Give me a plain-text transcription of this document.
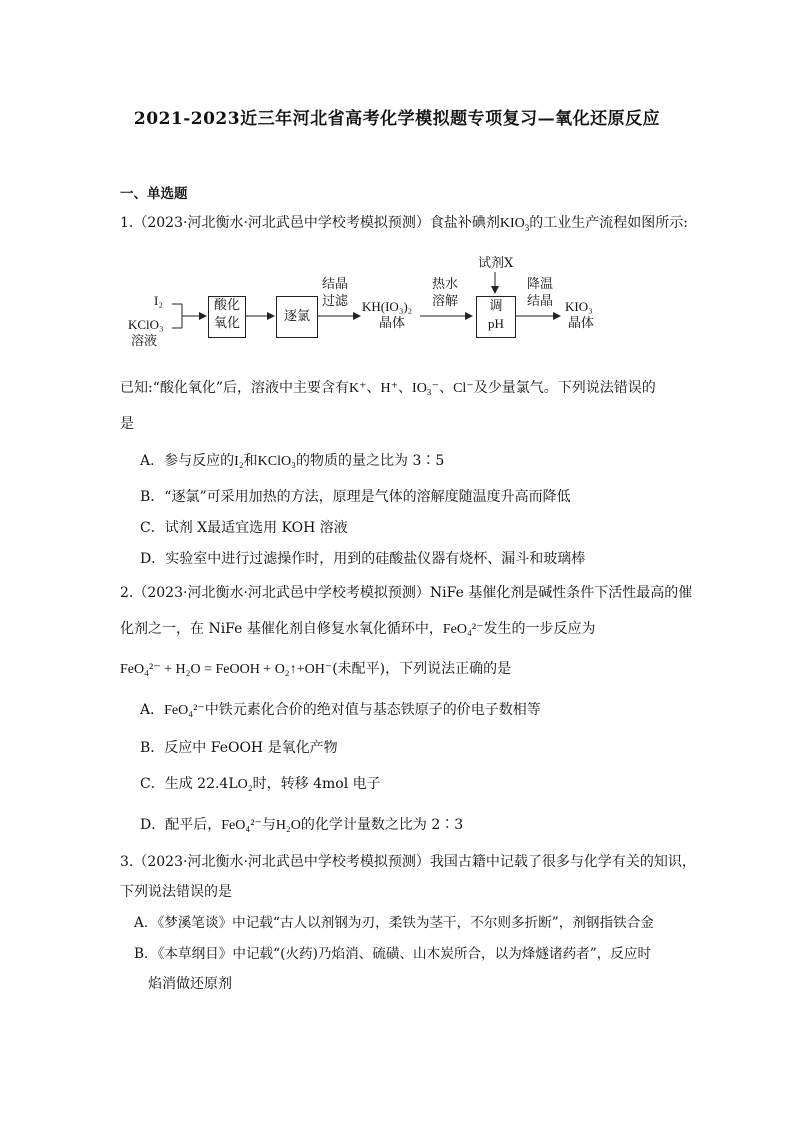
2021-2023近三年河北省高考化学模拟题专项复习—氧化还原反应
一、单选题
1.（2023·河北衡水·河北武邑中学校考模拟预测）食盐补碘剂$KIO_3$的工业生产流程如图所示:
I₂
KClO₃
溶液
酸化
氧化	逐氯
结晶
过滤 KH(IO₃)₂
晶体
热水
溶解
试剂X
调
pH
降温
结晶 KIO₃
晶体
已知:“酸化氧化”后，溶液中主要含有K⁺、H⁺、IO₃⁻、Cl⁻及少量氯气。下列说法错误的
是
A．参与反应的I₂和KClO₃的物质的量之比为 3∶5
B．“逐氯”可采用加热的方法，原理是气体的溶解度随温度升高而降低
C．试剂 X最适宜选用 KOH 溶液
D．实验室中进行过滤操作时，用到的硅酸盐仪器有烧杯、漏斗和玻璃棒
2.（2023·河北衡水·河北武邑中学校考模拟预测）NiFe 基催化剂是碱性条件下活性最高的催
化剂之一，在 NiFe 基催化剂自修复水氧化循环中，FeO₄²⁻发生的一步反应为
FeO₄²⁻ + H₂O = FeOOH + O₂↑+OH⁻(未配平)，下列说法正确的是
A．FeO₄²⁻中铁元素化合价的绝对值与基态铁原子的价电子数相等
B．反应中 FeOOH 是氧化产物
C．生成 22.4LO₂时，转移 4mol 电子
D．配平后，FeO₄²⁻与H₂O的化学计量数之比为 2∶3
3.（2023·河北衡水·河北武邑中学校考模拟预测）我国古籍中记载了很多与化学有关的知识，
下列说法错误的是
A．《梦溪笔谈》中记载“古人以剂钢为刃，柔铁为茎干，不尔则多折断”，剂钢指铁合金
B．《本草纲目》中记载“(火药)乃焰消、硫磺、山木炭所合，以为烽燧诸药者”，反应时
焰消做还原剂
